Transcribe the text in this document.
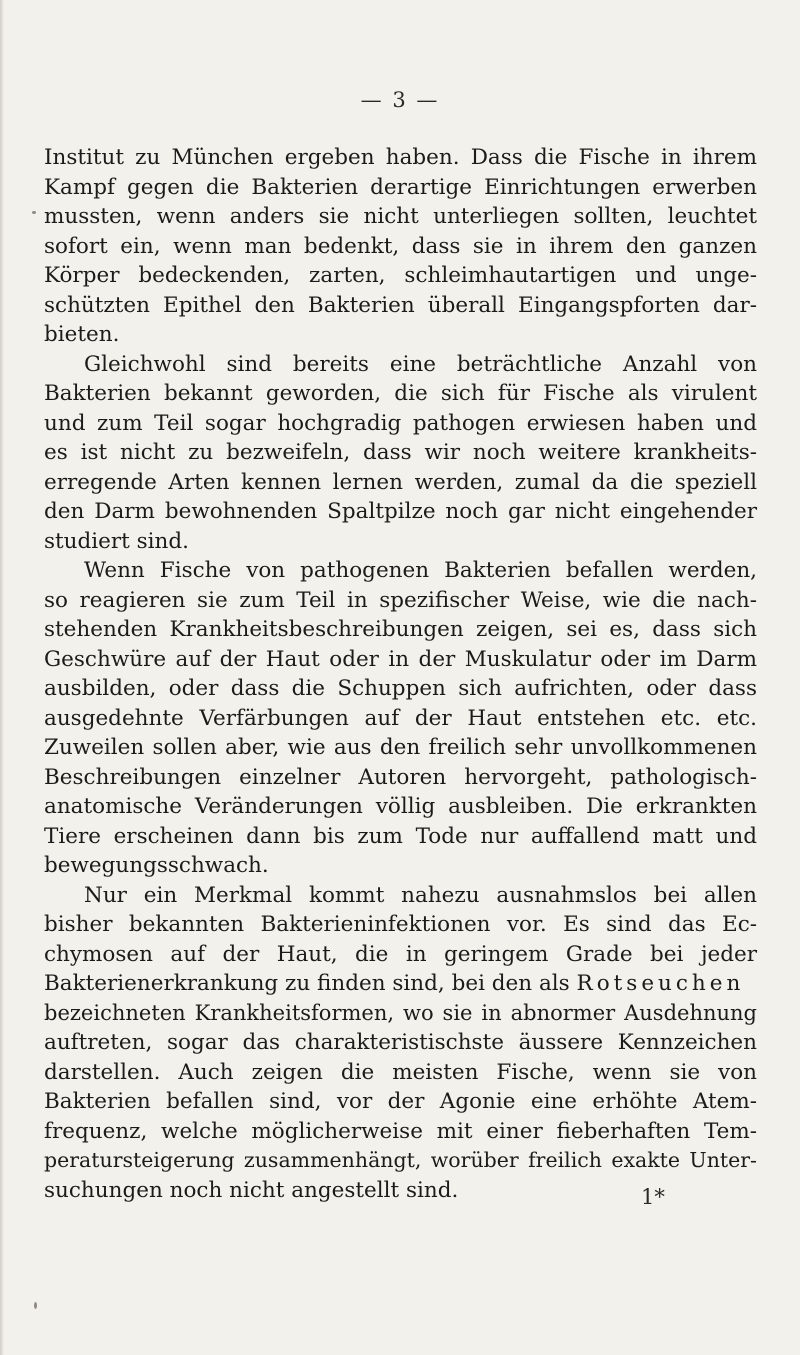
— 3 —
Institut zu München ergeben haben. Dass die Fische in ihrem
Kampf gegen die Bakterien derartige Einrichtungen erwerben
mussten, wenn anders sie nicht unterliegen sollten, leuchtet
sofort ein, wenn man bedenkt, dass sie in ihrem den ganzen
Körper bedeckenden, zarten, schleimhautartigen und unge-
schützten Epithel den Bakterien überall Eingangspforten dar-
bieten.
Gleichwohl sind bereits eine beträchtliche Anzahl von
Bakterien bekannt geworden, die sich für Fische als virulent
und zum Teil sogar hochgradig pathogen erwiesen haben und
es ist nicht zu bezweifeln, dass wir noch weitere krankheits-
erregende Arten kennen lernen werden, zumal da die speziell
den Darm bewohnenden Spaltpilze noch gar nicht eingehender
studiert sind.
Wenn Fische von pathogenen Bakterien befallen werden,
so reagieren sie zum Teil in spezifischer Weise, wie die nach-
stehenden Krankheitsbeschreibungen zeigen, sei es, dass sich
Geschwüre auf der Haut oder in der Muskulatur oder im Darm
ausbilden, oder dass die Schuppen sich aufrichten, oder dass
ausgedehnte Verfärbungen auf der Haut entstehen etc. etc.
Zuweilen sollen aber, wie aus den freilich sehr unvollkommenen
Beschreibungen einzelner Autoren hervorgeht, pathologisch-
anatomische Veränderungen völlig ausbleiben. Die erkrankten
Tiere erscheinen dann bis zum Tode nur auffallend matt und
bewegungsschwach.
Nur ein Merkmal kommt nahezu ausnahmslos bei allen
bisher bekannten Bakterieninfektionen vor. Es sind das Ec-
chymosen auf der Haut, die in geringem Grade bei jeder
Bakterienerkrankung zu finden sind, bei den als Rotseuchen
bezeichneten Krankheitsformen, wo sie in abnormer Ausdehnung
auftreten, sogar das charakteristischste äussere Kennzeichen
darstellen. Auch zeigen die meisten Fische, wenn sie von
Bakterien befallen sind, vor der Agonie eine erhöhte Atem-
frequenz, welche möglicherweise mit einer fieberhaften Tem-
peratursteigerung zusammenhängt, worüber freilich exakte Unter-
suchungen noch nicht angestellt sind.	1*
